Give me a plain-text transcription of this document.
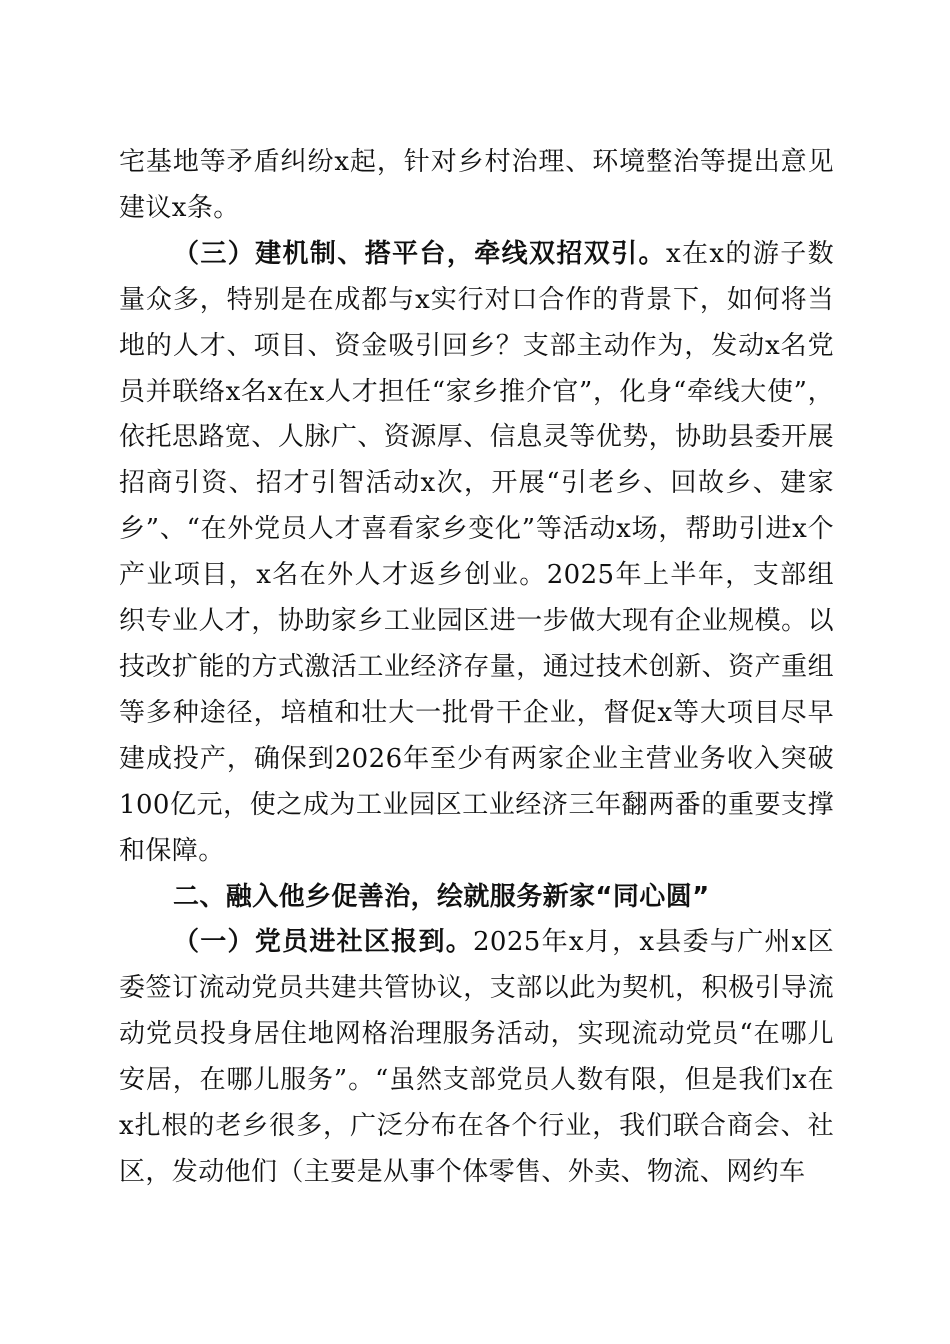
宅基地等矛盾纠纷x起，针对乡村治理、环境整治等提出意见建议x条。

（三）建机制、搭平台，牵线双招双引。x在x的游子数量众多，特别是在成都与x实行对口合作的背景下，如何将当地的人才、项目、资金吸引回乡？支部主动作为，发动x名党员并联络x名x在x人才担任“家乡推介官”，化身“牵线大使”，依托思路宽、人脉广、资源厚、信息灵等优势，协助县委开展招商引资、招才引智活动x次，开展“引老乡、回故乡、建家乡”、“在外党员人才喜看家乡变化”等活动x场，帮助引进x个产业项目，x名在外人才返乡创业。2025年上半年，支部组织专业人才，协助家乡工业园区进一步做大现有企业规模。以技改扩能的方式激活工业经济存量，通过技术创新、资产重组等多种途径，培植和壮大一批骨干企业，督促x等大项目尽早建成投产，确保到2026年至少有两家企业主营业务收入突破100亿元，使之成为工业园区工业经济三年翻两番的重要支撑和保障。

二、融入他乡促善治，绘就服务新家“同心圆”

（一）党员进社区报到。2025年x月，x县委与广州x区委签订流动党员共建共管协议，支部以此为契机，积极引导流动党员投身居住地网格治理服务活动，实现流动党员“在哪儿安居，在哪儿服务”。“虽然支部党员人数有限，但是我们x在x扎根的老乡很多，广泛分布在各个行业，我们联合商会、社区，发动他们（主要是从事个体零售、外卖、物流、网约车
